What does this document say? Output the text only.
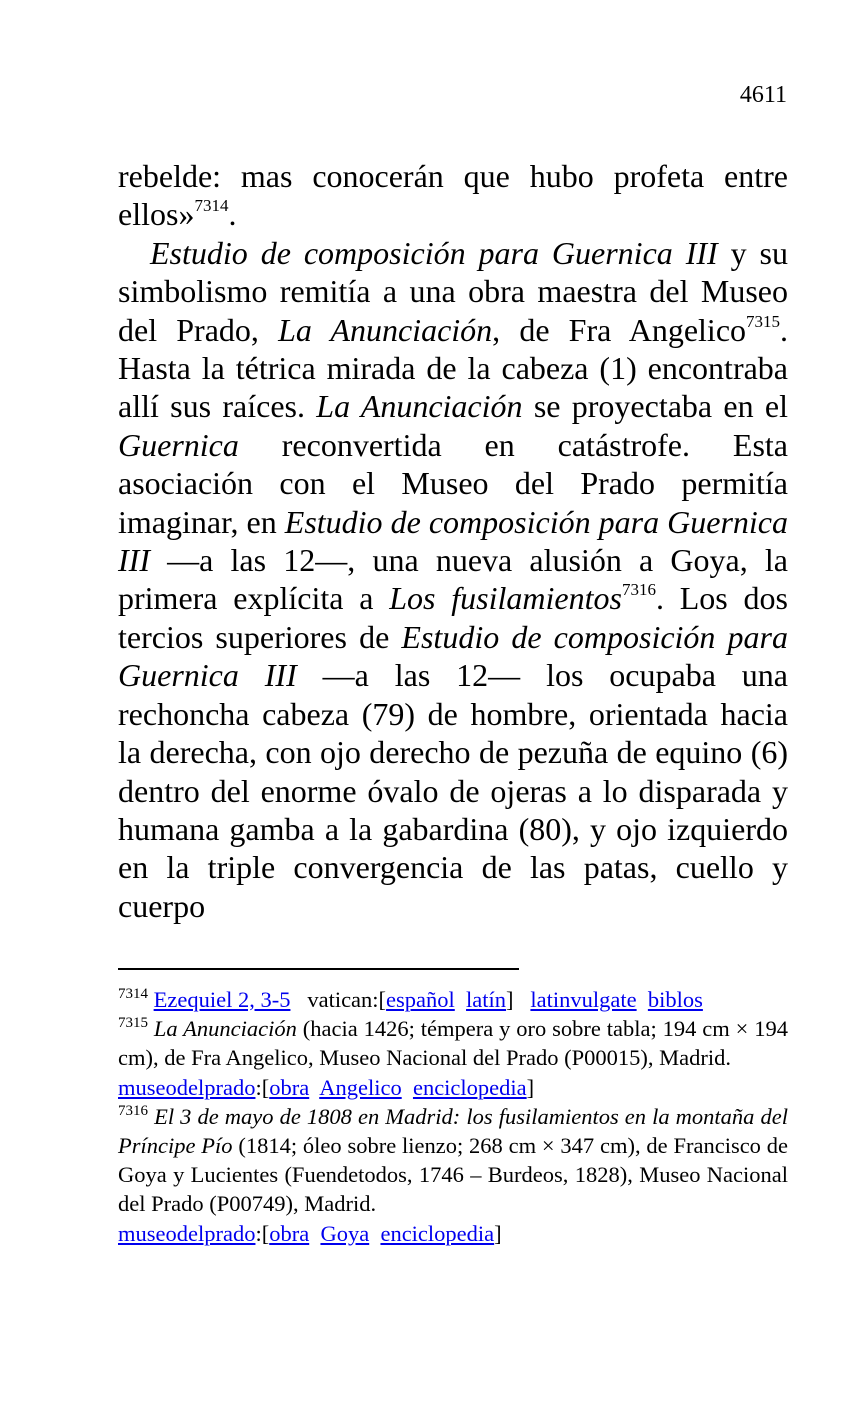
4611

rebelde: mas conocerán que hubo profeta entre ellos»$^{7314}$.

Estudio de composición para Guernica III y su simbolismo remitía a una obra maestra del Museo del Prado, La Anunciación, de Fra Angelico$^{7315}$. Hasta la tétrica mirada de la cabeza (1) encontraba allí sus raíces. La Anunciación se proyectaba en el Guernica reconvertida en catástrofe. Esta asociación con el Museo del Prado permitía imaginar, en Estudio de composición para Guernica III —a las 12—, una nueva alusión a Goya, la primera explícita a Los fusilamientos$^{7316}$. Los dos tercios superiores de Estudio de composición para Guernica III —a las 12— los ocupaba una rechoncha cabeza (79) de hombre, orientada hacia la derecha, con ojo derecho de pezuña de equino (6) dentro del enorme óvalo de ojeras a lo disparada y humana gamba a la gabardina (80), y ojo izquierdo en la triple convergencia de las patas, cuello y cuerpo

$^{7314}$ Ezequiel 2, 3-5 vatican:[español latín] latinvulgate biblos

$^{7315}$ La Anunciación (hacia 1426; témpera y oro sobre tabla; 194 cm × 194 cm), de Fra Angelico, Museo Nacional del Prado (P00015), Madrid.

museodelprado:[obra Angelico enciclopedia]

$^{7316}$ El 3 de mayo de 1808 en Madrid: los fusilamientos en la montaña del Príncipe Pío (1814; óleo sobre lienzo; 268 cm × 347 cm), de Francisco de Goya y Lucientes (Fuendetodos, 1746 – Burdeos, 1828), Museo Nacional del Prado (P00749), Madrid.

museodelprado:[obra Goya enciclopedia]
